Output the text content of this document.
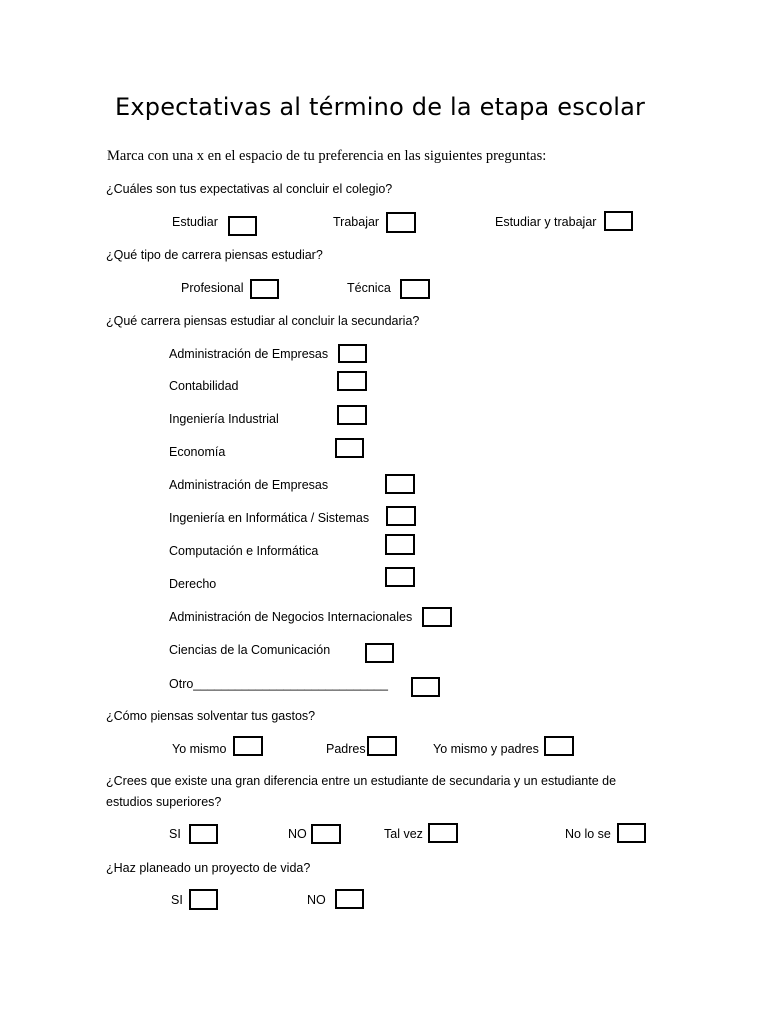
Expectativas al término de la etapa escolar
Marca con una x en el espacio de tu preferencia en las siguientes preguntas:
¿Cuáles son tus expectativas al concluir el colegio?
Estudiar	Trabajar	Estudiar y trabajar
¿Qué tipo de carrera piensas estudiar?
Profesional	Técnica
¿Qué carrera piensas estudiar al concluir la secundaria?
Administración de Empresas
Contabilidad
Ingeniería Industrial
Economía
Administración de Empresas
Ingeniería en Informática / Sistemas
Computación e Informática
Derecho
Administración de Negocios Internacionales
Ciencias de la Comunicación
Otro____________________________
¿Cómo piensas solventar tus gastos?
Yo mismo	Padres	Yo mismo y padres
¿Crees que existe una gran diferencia entre un estudiante de secundaria y un estudiante de
estudios superiores?
SI	NO	Tal vez	No lo se
¿Haz planeado un proyecto de vida?
SI	NO
